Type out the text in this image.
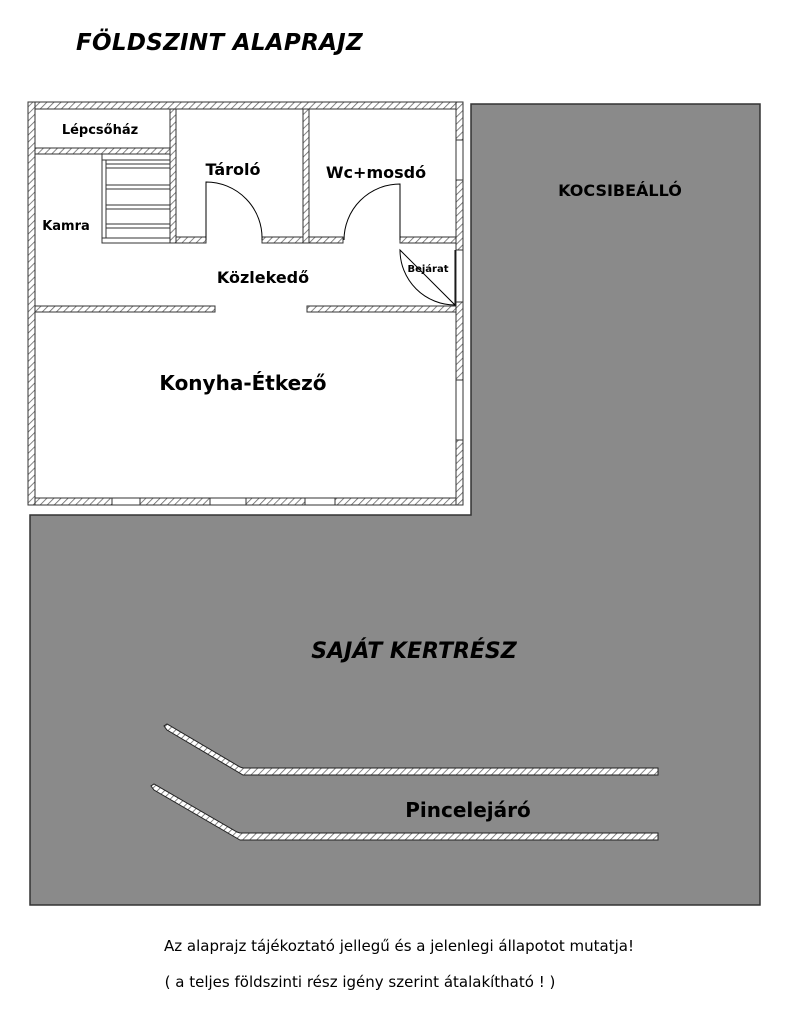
FÖLDSZINT ALAPRAJZ
Lépcsőház
Tároló	Wc+mosdó
Kamra
Közlekedő	Bejárat
Konyha-Étkező
KOCSIBEÁLLÓ
SAJÁT KERTRÉSZ
Pincelejáró
Az alaprajz tájékoztató jellegű és a jelenlegi állapotot mutatja!
( a teljes földszinti rész igény szerint átalakítható ! )
